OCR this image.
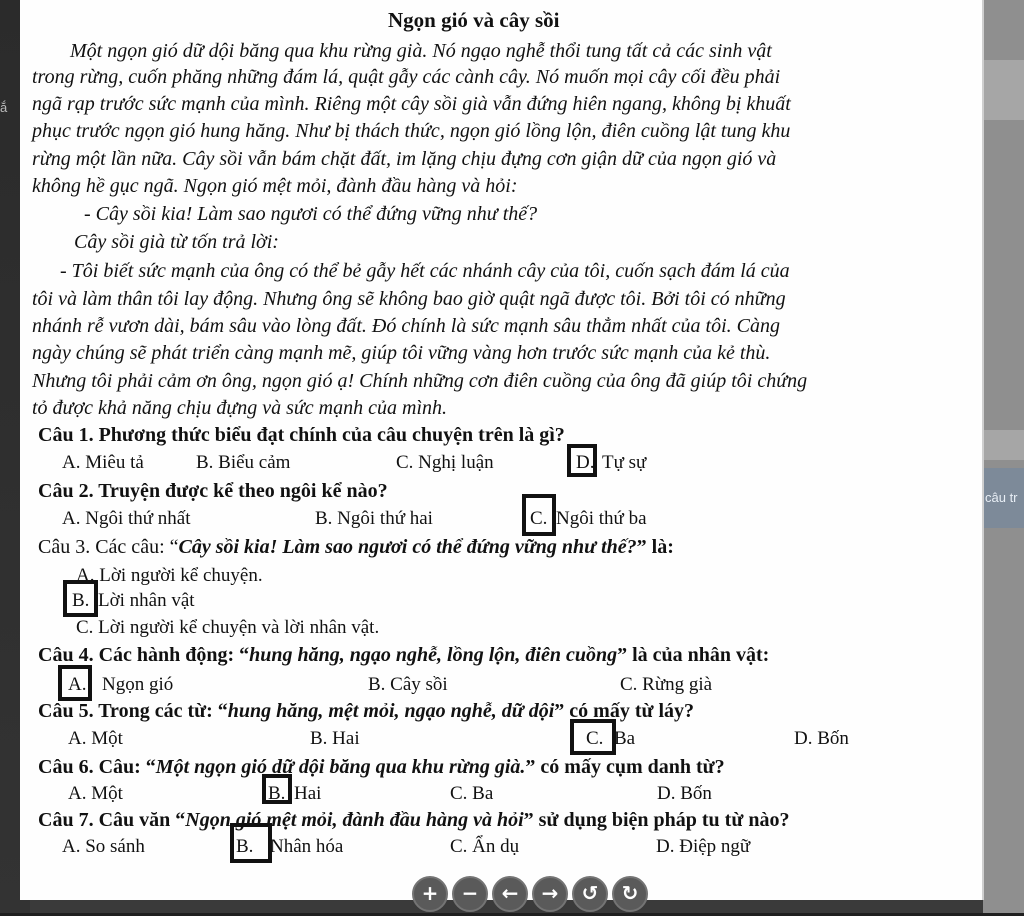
ắ
câu tr
Ngọn gió và cây sồi
Một ngọn gió dữ dội băng qua khu rừng già. Nó ngạo nghễ thổi tung tất cả các sinh vật
trong rừng, cuốn phăng những đám lá, quật gẫy các cành cây. Nó muốn mọi cây cối đều phải
ngã rạp trước sức mạnh của mình. Riêng một cây sồi già vẫn đứng hiên ngang, không bị khuất
phục trước ngọn gió hung hăng. Như bị thách thức, ngọn gió lồng lộn, điên cuồng lật tung khu
rừng một lần nữa. Cây sồi vẫn bám chặt đất, im lặng chịu đựng cơn giận dữ của ngọn gió và
không hề gục ngã. Ngọn gió mệt mỏi, đành đầu hàng và hỏi:
- Cây sồi kia! Làm sao ngươi có thể đứng vững như thế?
Cây sồi già từ tốn trả lời:
- Tôi biết sức mạnh của ông có thể bẻ gẫy hết các nhánh cây của tôi, cuốn sạch đám lá của
tôi và làm thân tôi lay động. Nhưng ông sẽ không bao giờ quật ngã được tôi. Bởi tôi có những
nhánh rễ vươn dài, bám sâu vào lòng đất. Đó chính là sức mạnh sâu thẳm nhất của tôi. Càng
ngày chúng sẽ phát triển càng mạnh mẽ, giúp tôi vững vàng hơn trước sức mạnh của kẻ thù.
Nhưng tôi phải cảm ơn ông, ngọn gió ạ! Chính những cơn điên cuồng của ông đã giúp tôi chứng
tỏ được khả năng chịu đựng và sức mạnh của mình.
Câu 1. Phương thức biểu đạt chính của câu chuyện trên là gì?
A. Miêu tả	B. Biểu cảm	C. Nghị luận	D. Tự sự
Câu 2. Truyện được kể theo ngôi kể nào?
A. Ngôi thứ nhất	B. Ngôi thứ hai	C. Ngôi thứ ba
Câu 3. Các câu: “Cây sồi kia! Làm sao ngươi có thể đứng vững như thế?” là:
A. Lời người kể chuyện.
B. Lời nhân vật
C. Lời người kể chuyện và lời nhân vật.
Câu 4. Các hành động: “hung hăng, ngạo nghễ, lồng lộn, điên cuồng” là của nhân vật:
A. Ngọn gió	B. Cây sồi	C. Rừng già
Câu 5. Trong các từ: “hung hăng, mệt mỏi, ngạo nghễ, dữ dội” có mấy từ láy?
A. Một	B. Hai	C. Ba	D. Bốn
Câu 6. Câu: “Một ngọn gió dữ dội băng qua khu rừng già.” có mấy cụm danh từ?
A. Một	B. Hai	C. Ba	D. Bốn
Câu 7. Câu văn “Ngọn gió mệt mỏi, đành đầu hàng và hỏi” sử dụng biện pháp tu từ nào?
A. So sánh	B. Nhân hóa	C. Ẩn dụ	D. Điệp ngữ
+	−	←	→	↺	↻
